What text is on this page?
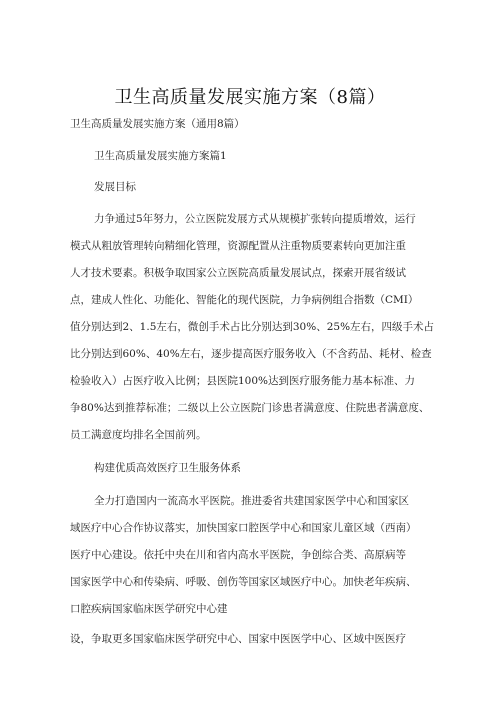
卫生高质量发展实施方案（8篇）
卫生高质量发展实施方案（通用8篇）
卫生高质量发展实施方案篇1
发展目标
力争通过5年努力，公立医院发展方式从规模扩张转向提质增效，运行
模式从粗放管理转向精细化管理，资源配置从注重物质要素转向更加注重
人才技术要素。积极争取国家公立医院高质量发展试点，探索开展省级试
点，建成人性化、功能化、智能化的现代医院，力争病例组合指数（CMI）
值分别达到2、1.5左右，微创手术占比分别达到30%、25%左右，四级手术占
比分别达到60%、40%左右，逐步提高医疗服务收入（不含药品、耗材、检查
检验收入）占医疗收入比例；县医院100%达到医疗服务能力基本标准、力
争80%达到推荐标准；二级以上公立医院门诊患者满意度、住院患者满意度、
员工满意度均排名全国前列。
构建优质高效医疗卫生服务体系
全力打造国内一流高水平医院。推进委省共建国家医学中心和国家区
域医疗中心合作协议落实，加快国家口腔医学中心和国家儿童区域（西南）
医疗中心建设。依托中央在川和省内高水平医院，争创综合类、高原病等
国家医学中心和传染病、呼吸、创伤等国家区域医疗中心。加快老年疾病、
口腔疾病国家临床医学研究中心建
设，争取更多国家临床医学研究中心、国家中医医学中心、区域中医医疗
